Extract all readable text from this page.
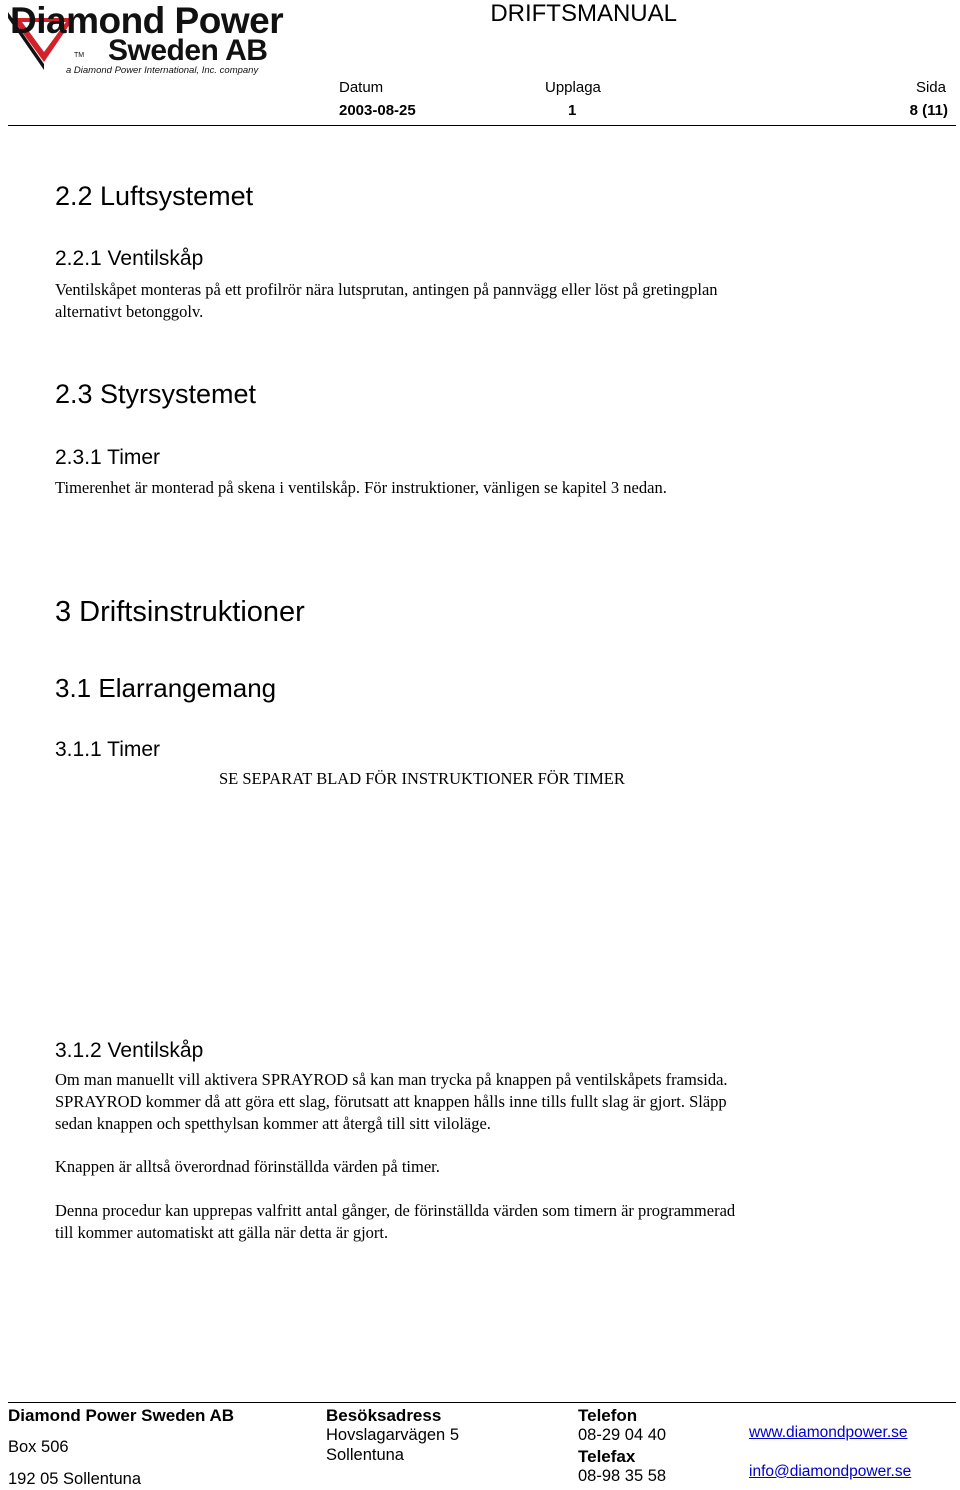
Diamond Power
Sweden AB
TM
a Diamond Power International, Inc. company
DRIFTSMANUAL
Datum
2003-08-25
Upplaga
1
Sida
8 (11)
2.2 Luftsystemet
2.2.1 Ventilskåp

Ventilskåpet monteras på ett profilrör nära lutsprutan, antingen på pannvägg eller löst på gretingplan

alternativt betonggolv.

2.3 Styrsystemet
2.3.1 Timer

Timerenhet är monterad på skena i ventilskåp. För instruktioner, vänligen se kapitel 3 nedan.

3 Driftsinstruktioner
3.1 Elarrangemang
3.1.1 Timer

SE SEPARAT BLAD FÖR INSTRUKTIONER FÖR TIMER

3.1.2 Ventilskåp

Om man manuellt vill aktivera SPRAYROD så kan man trycka på knappen på ventilskåpets framsida.

SPRAYROD kommer då att göra ett slag, förutsatt att knappen hålls inne tills fullt slag är gjort. Släpp

sedan knappen och spetthylsan kommer att återgå till sitt viloläge.

Knappen är alltså överordnad förinställda värden på timer.

Denna procedur kan upprepas valfritt antal gånger, de förinställda värden som timern är programmerad

till kommer automatiskt att gälla när detta är gjort.

Diamond Power Sweden AB
Box 506
192 05 Sollentuna
Besöksadress
Hovslagarvägen 5
Sollentuna
Telefon
08-29 04 40
Telefax
08-98 35 58
www.diamondpower.se
info@diamondpower.se
